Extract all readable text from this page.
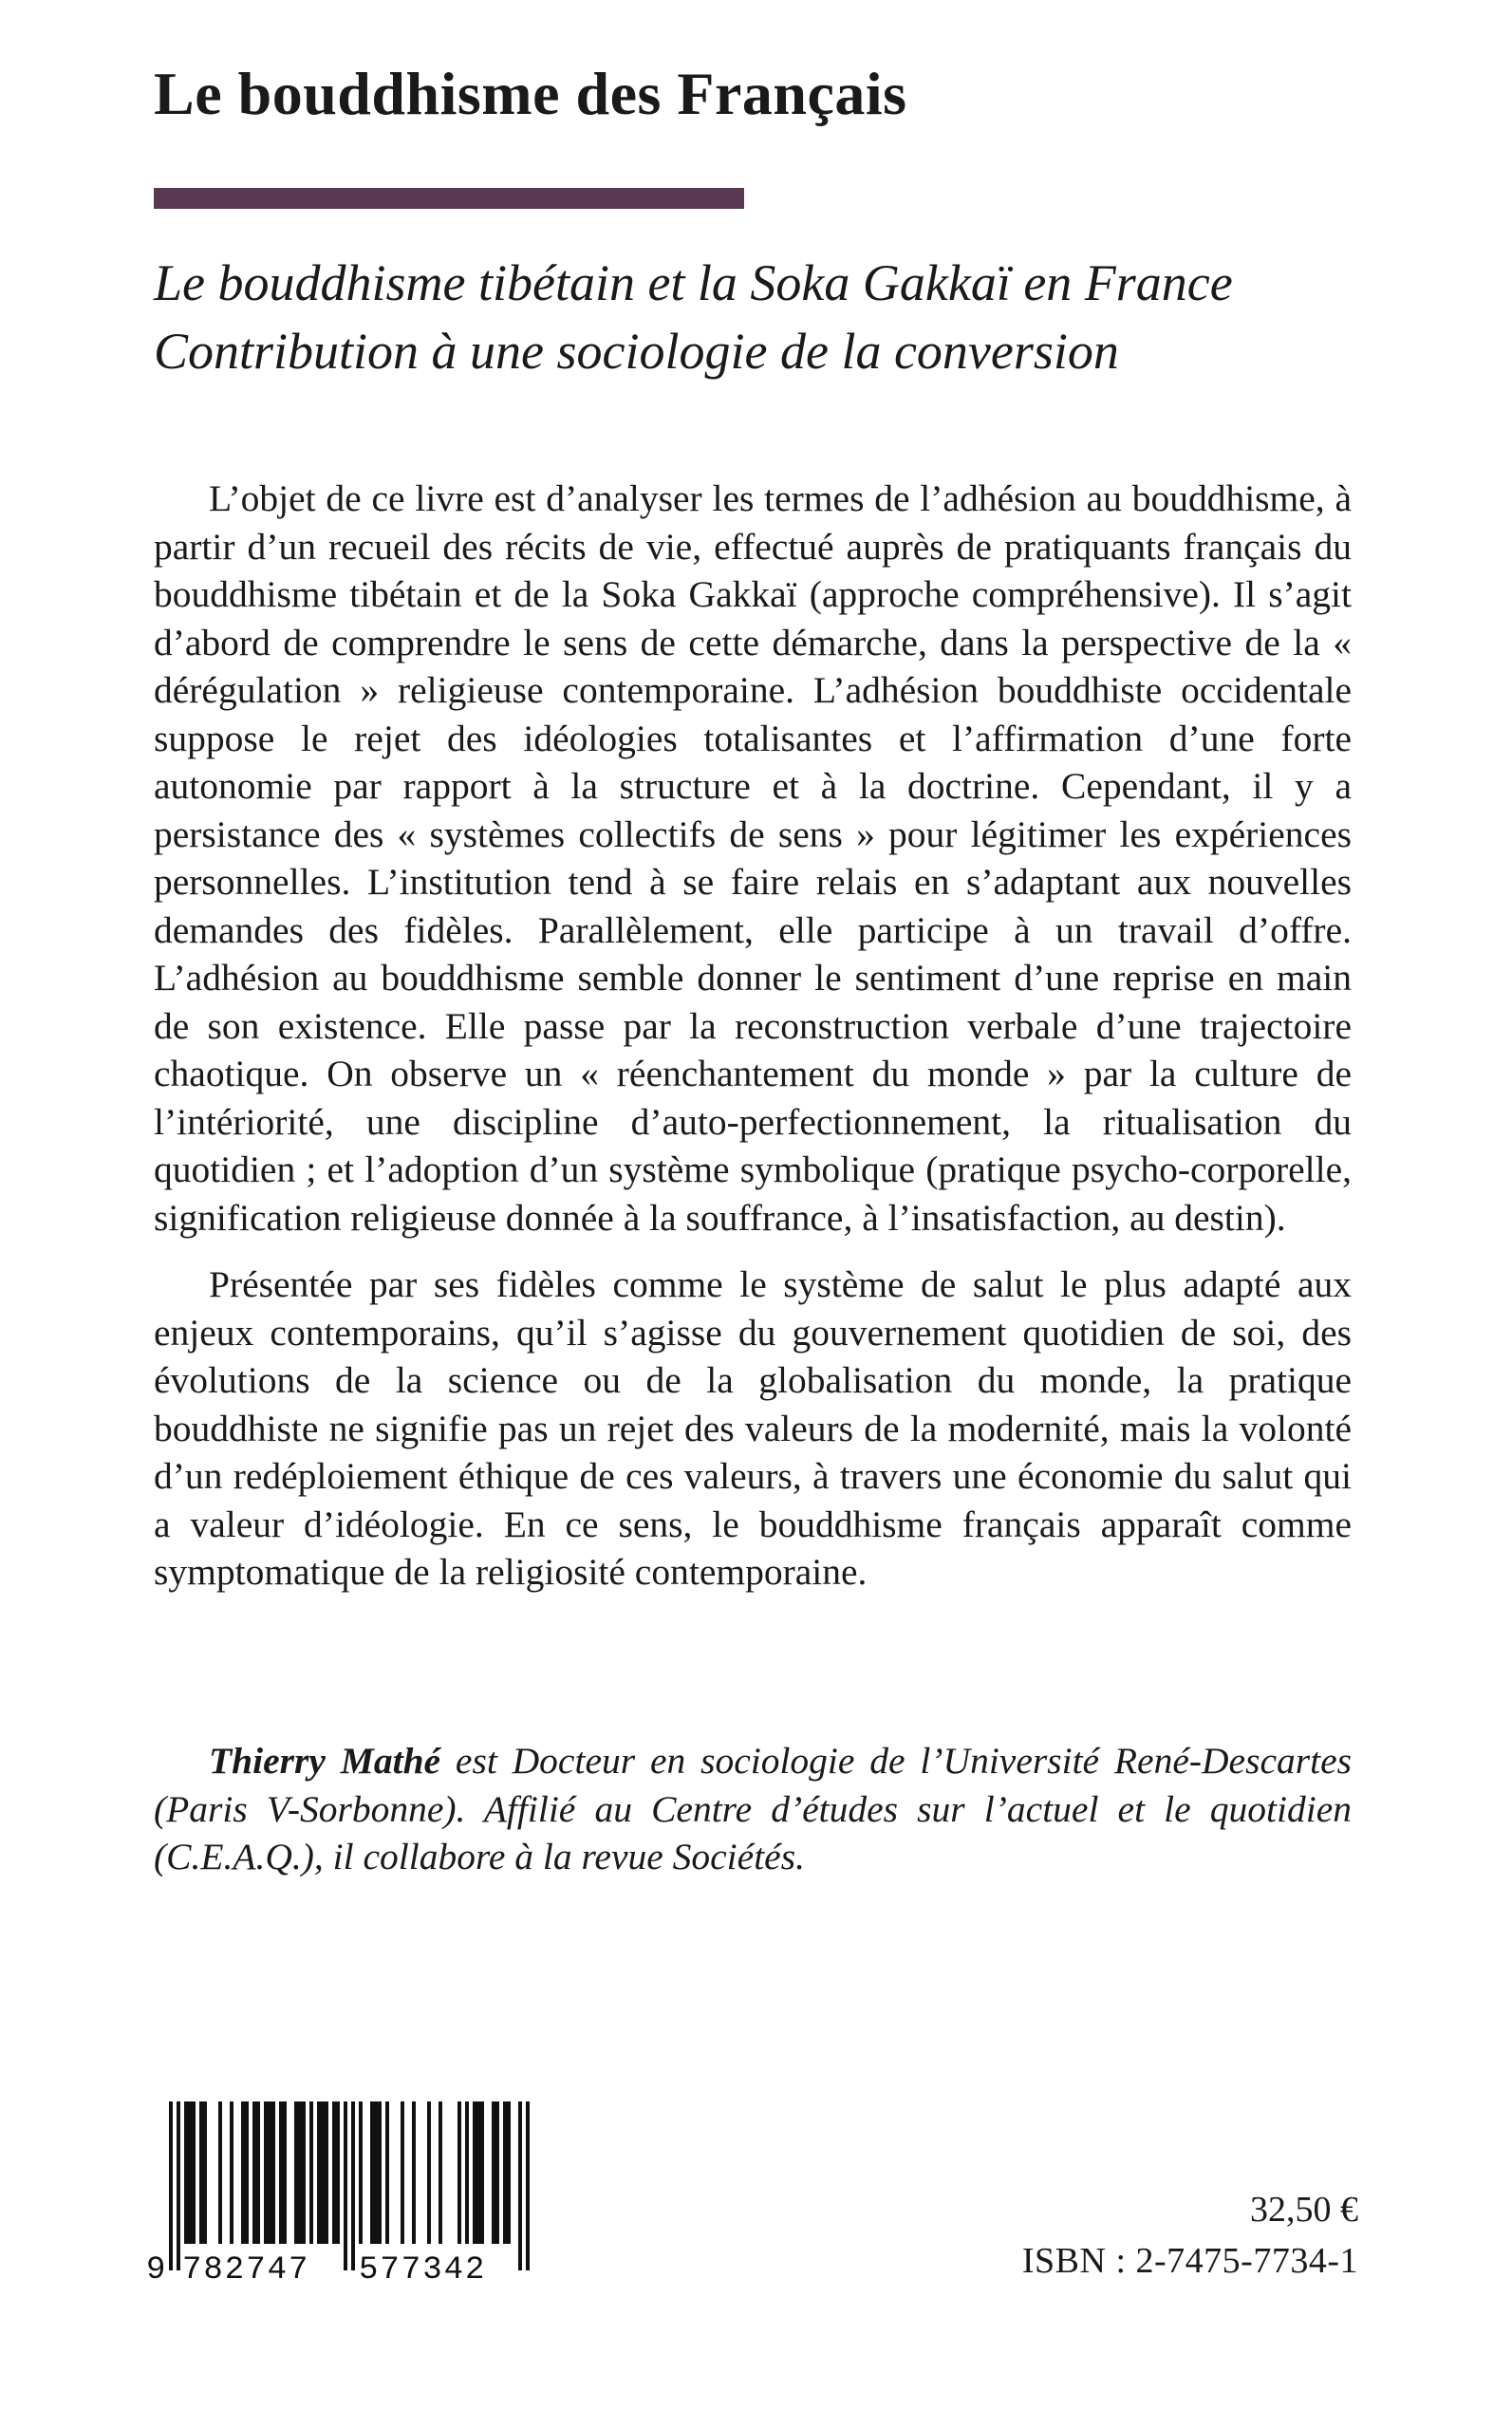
Le bouddhisme des Français
Le bouddhisme tibétain et la Soka Gakkaï en France
Contribution à une sociologie de la conversion

L’objet de ce livre est d’analyser les termes de l’adhésion au bouddhisme, à partir d’un recueil des récits de vie, effectué auprès de pratiquants français du bouddhisme tibétain et de la Soka Gakkaï (approche compréhensive). Il s’agit d’abord de comprendre le sens de cette démarche, dans la perspective de la « dérégulation » religieuse contemporaine. L’adhésion bouddhiste occidentale suppose le rejet des idéologies totalisantes et l’affirmation d’une forte autonomie par rapport à la structure et à la doctrine. Cependant, il y a persistance des « systèmes collectifs de sens » pour légitimer les expériences personnelles. L’institution tend à se faire relais en s’adaptant aux nouvelles demandes des fidèles. Parallèlement, elle participe à un travail d’offre. L’adhésion au bouddhisme semble donner le sentiment d’une reprise en main de son existence. Elle passe par la reconstruction verbale d’une trajectoire chaotique. On observe un « réenchantement du monde » par la culture de l’intériorité, une discipline d’auto-perfectionnement, la ritualisation du quotidien ; et l’adoption d’un système symbolique (pratique psycho-corporelle, signification religieuse donnée à la souffrance, à l’insatisfaction, au destin).

Présentée par ses fidèles comme le système de salut le plus adapté aux enjeux contemporains, qu’il s’agisse du gouvernement quotidien de soi, des évolutions de la science ou de la globalisation du monde, la pratique bouddhiste ne signifie pas un rejet des valeurs de la modernité, mais la volonté d’un redéploiement éthique de ces valeurs, à travers une économie du salut qui a valeur d’idéologie. En ce sens, le bouddhisme français apparaît comme symptomatique de la religiosité contemporaine.

Thierry Mathé est Docteur en sociologie de l’Université René-Descartes (Paris V-Sorbonne). Affilié au Centre d’études sur l’actuel et le quotidien (C.E.A.Q.), il collabore à la revue Sociétés.

9 782747 577342
32,50 €
ISBN : 2-7475-7734-1
